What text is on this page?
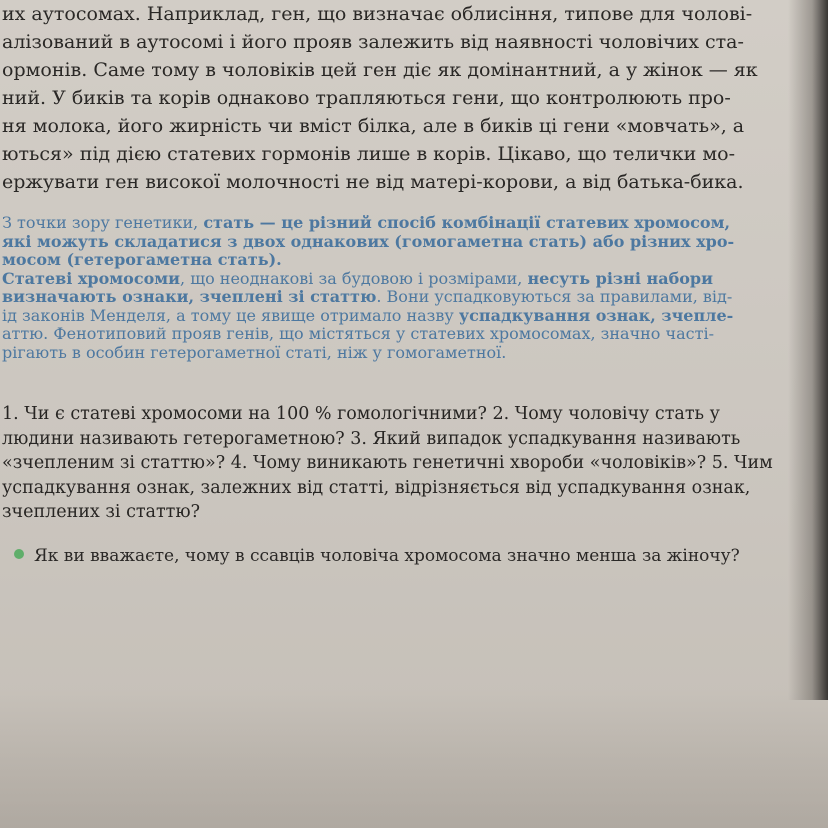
их аутосомах. Наприклад, ген, що визначає облисіння, типове для чолові-
алізований в аутосомі і його прояв залежить від наявності чоловічих ста-
ормонів. Саме тому в чоловіків цей ген діє як домінантний, а у жінок — як
ний. У биків та корів однаково трапляються гени, що контролюють про-
ня молока, його жирність чи вміст білка, але в биків ці гени «мовчать», а
ються» під дією статевих гормонів лише в корів. Цікаво, що телички мо-
ержувати ген високої молочності не від матері-корови, а від батька-бика.
З точки зору генетики, стать — це різний спосіб комбінації статевих хромосом,
які можуть складатися з двох однакових (гомогаметна стать) або різних хро-
мосом (гетерогаметна стать).
Статеві хромосоми, що неоднакові за будовою і розмірами, несуть різні набори
визначають ознаки, зчеплені зі статтю. Вони успадковуються за правилами, від-
ід законів Менделя, а тому це явище отримало назву успадкування ознак, зчепле-
аттю. Фенотиповий прояв генів, що містяться у статевих хромосомах, значно часті-
рігають в особин гетерогаметної статі, ніж у гомогаметної.
1. Чи є статеві хромосоми на 100 % гомологічними? 2. Чому чоловічу стать у
людини називають гетерогаметною? 3. Який випадок успадкування називають
«зчепленим зі статтю»? 4. Чому виникають генетичні хвороби «чоловіків»? 5. Чим
успадкування ознак, залежних від статті, відрізняється від успадкування ознак,
зчеплених зі статтю?
Як ви вважаєте, чому в ссавців чоловіча хромосома значно менша за жіночу?
